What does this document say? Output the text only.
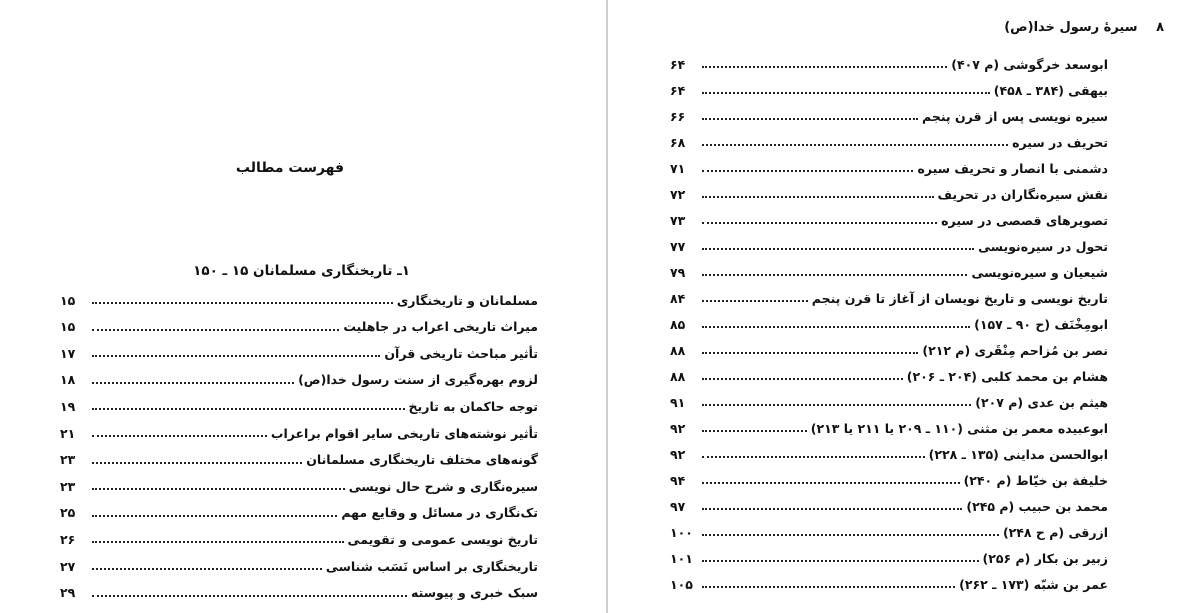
فهرست مطالب
۱ـ تاریخنگاری مسلمانان ۱۵ ـ ۱۵۰
مسلمانان و تاریخنگاری
۱۵
میراث تاریخی اعراب در جاهلیت
۱۵
تأثیر مباحث تاریخی قرآن
۱۷
لزوم بهره‌گیری از سنت رسول خدا(ص)
۱۸
توجه حاکمان به تاریخ
۱۹
تأثیر نوشته‌های تاریخی سایر اقوام براعراب
۲۱
گونه‌های مختلف تاریخنگاری مسلمانان
۲۳
سیره‌نگاری و شرح حال نویسی
۲۳
تک‌نگاری در مسائل و وقایع مهم
۲۵
تاریخ نویسی عمومی و تقویمی
۲۶
تاریخنگاری بر اساس نَسَب شناسی
۲۷
سبک خبری و پیوسته
۲۹
۸ سیرهٔ رسول خدا(ص)
ابوسعد خرگوشی (م ۴۰۷)
۶۴
بیهقی (۳۸۴ ـ ۴۵۸)
۶۴
سیره نویسی پس از قرن پنجم
۶۶
تحریف در سیره
۶۸
دشمنی با انصار و تحریف سیره
۷۱
نقش سیره‌نگاران در تحریف
۷۲
تصویرهای قصصی در سیره
۷۳
تحول در سیره‌نویسی
۷۷
شیعیان و سیره‌نویسی
۷۹
تاریخ نویسی و تاریخ نویسان از آغاز تا قرن پنجم
۸۴
ابومِخْنَف (ح ۹۰ ـ ۱۵۷)
۸۵
نصر بن مُزاحم مِنْقَری (م ۲۱۲)
۸۸
هشام بن محمد کلبی (۲۰۴ ـ ۲۰۶)
۸۸
هیثم بن عدی (م ۲۰۷)
۹۱
ابوعبیده معمر بن مثنی (۱۱۰ ـ ۲۰۹ یا ۲۱۱ یا ۲۱۳)
۹۲
ابوالحسن مداینی (۱۳۵ ـ ۲۲۸)
۹۲
خلیفة بن خیّاط (م ۲۴۰)
۹۴
محمد بن حبیب (م ۲۴۵)
۹۷
ازرقی (م ح ۲۴۸)
۱۰۰
زبیر بن بکار (م ۲۵۶)
۱۰۱
عمر بن شبّه (۱۷۳ ـ ۲۶۲)
۱۰۵
